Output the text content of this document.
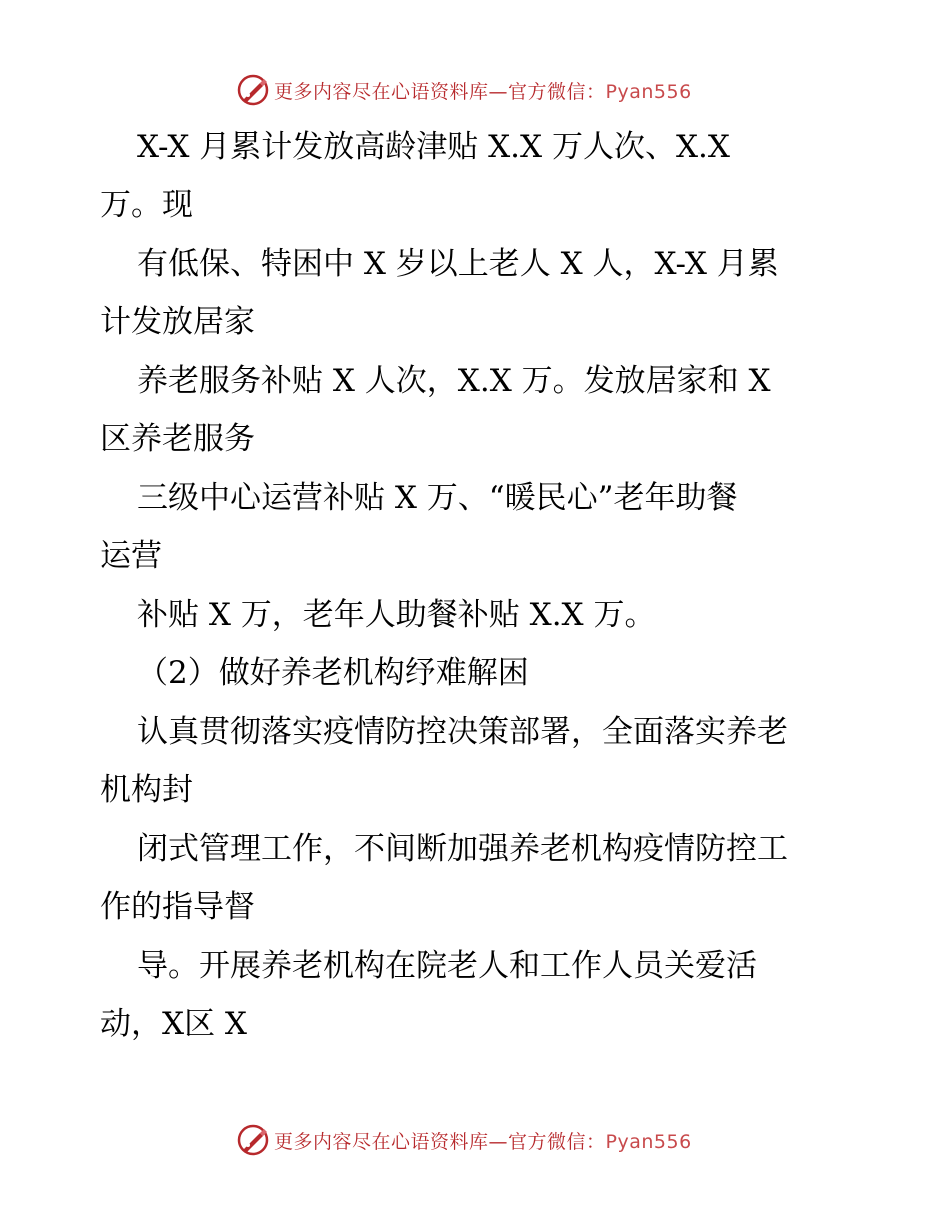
更多内容尽在心语资料库—官方微信：Pyan556
X-X 月累计发放高龄津贴 X.X 万人次、X.X
万。现
有低保、特困中 X 岁以上老人 X 人，X-X 月累
计发放居家
养老服务补贴 X 人次，X.X 万。发放居家和 X
区养老服务
三级中心运营补贴 X 万、“暖民心”老年助餐
运营
补贴 X 万，老年人助餐补贴 X.X 万。
（2）做好养老机构纾难解困
认真贯彻落实疫情防控决策部署，全面落实养老
机构封
闭式管理工作，不间断加强养老机构疫情防控工
作的指导督
导。开展养老机构在院老人和工作人员关爱活
动，X区 X
更多内容尽在心语资料库—官方微信：Pyan556
